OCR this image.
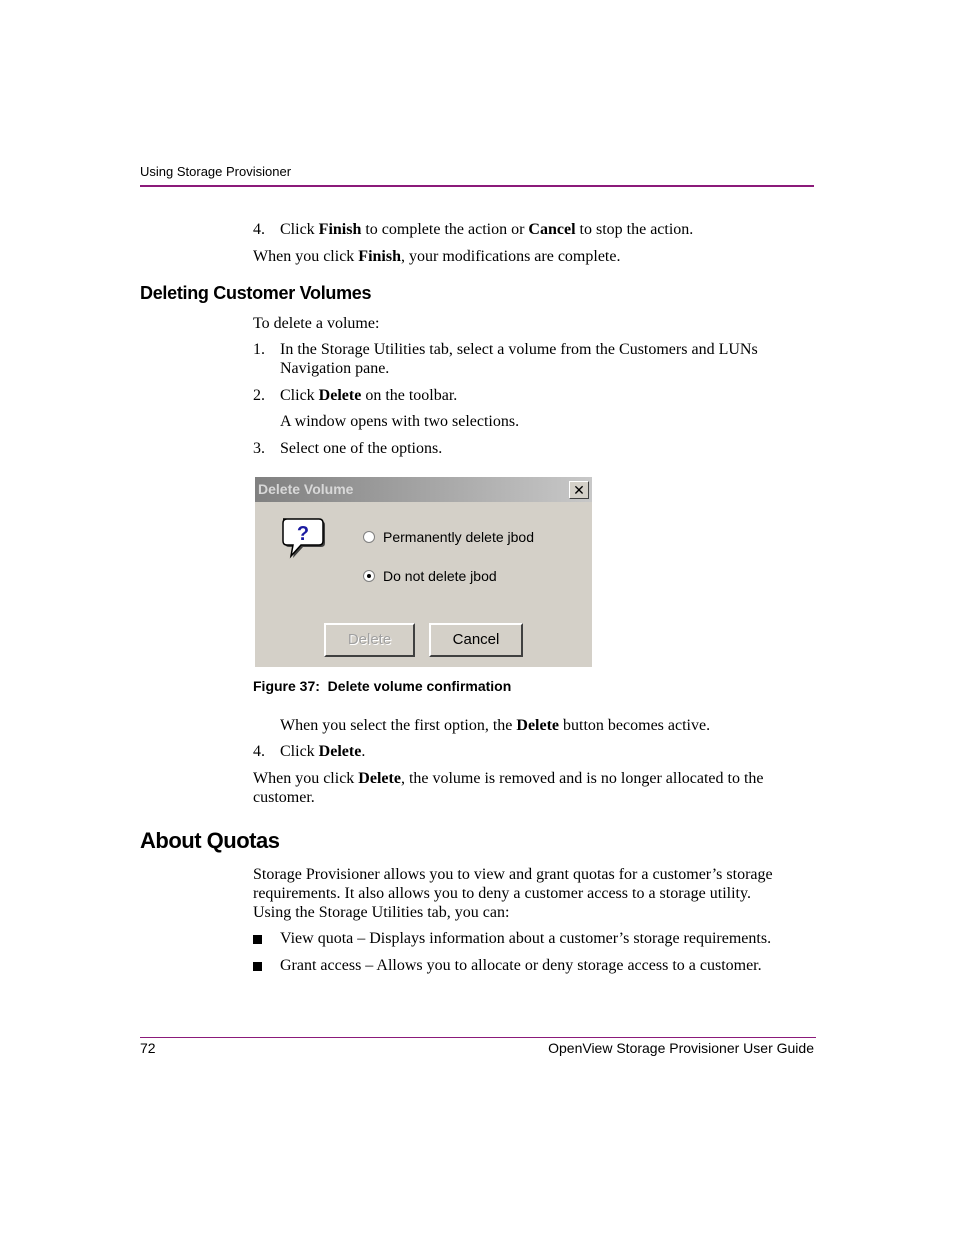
Using Storage Provisioner
4. Click Finish to complete the action or Cancel to stop the action.
When you click Finish, your modifications are complete.
Deleting Customer Volumes
To delete a volume:
1. In the Storage Utilities tab, select a volume from the Customers and LUNs
Navigation pane.
2. Click Delete on the toolbar.
A window opens with two selections.
3. Select one of the options.
Delete Volume	✕
?	Permanently delete jbod
Do not delete jbod
Delete	Cancel
Figure 37:  Delete volume confirmation
When you select the first option, the Delete button becomes active.
4. Click Delete.
When you click Delete, the volume is removed and is no longer allocated to the
customer.
About Quotas
Storage Provisioner allows you to view and grant quotas for a customer’s storage
requirements. It also allows you to deny a customer access to a storage utility.
Using the Storage Utilities tab, you can:
View quota – Displays information about a customer’s storage requirements.
Grant access – Allows you to allocate or deny storage access to a customer.
72	OpenView Storage Provisioner User Guide
